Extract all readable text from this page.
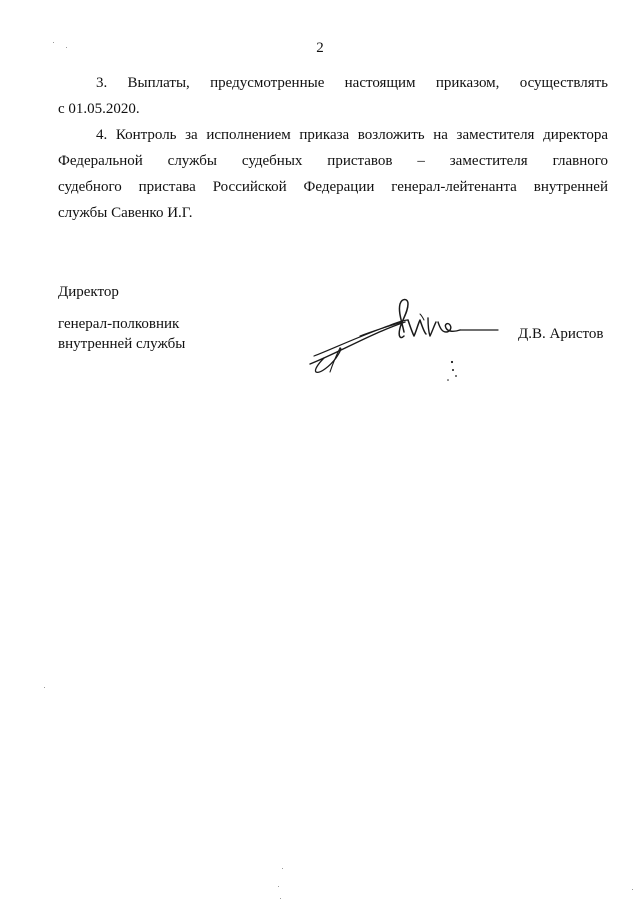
2
3. Выплаты, предусмотренные настоящим приказом, осуществлять
с 01.05.2020.
4. Контроль за исполнением приказа возложить на заместителя директора
Федеральной службы судебных приставов – заместителя главного
судебного пристава Российской Федерации генерал-лейтенанта внутренней
службы Савенко И.Г.
Директор
генерал-полковник
внутренней службы
Д.В. Аристов
